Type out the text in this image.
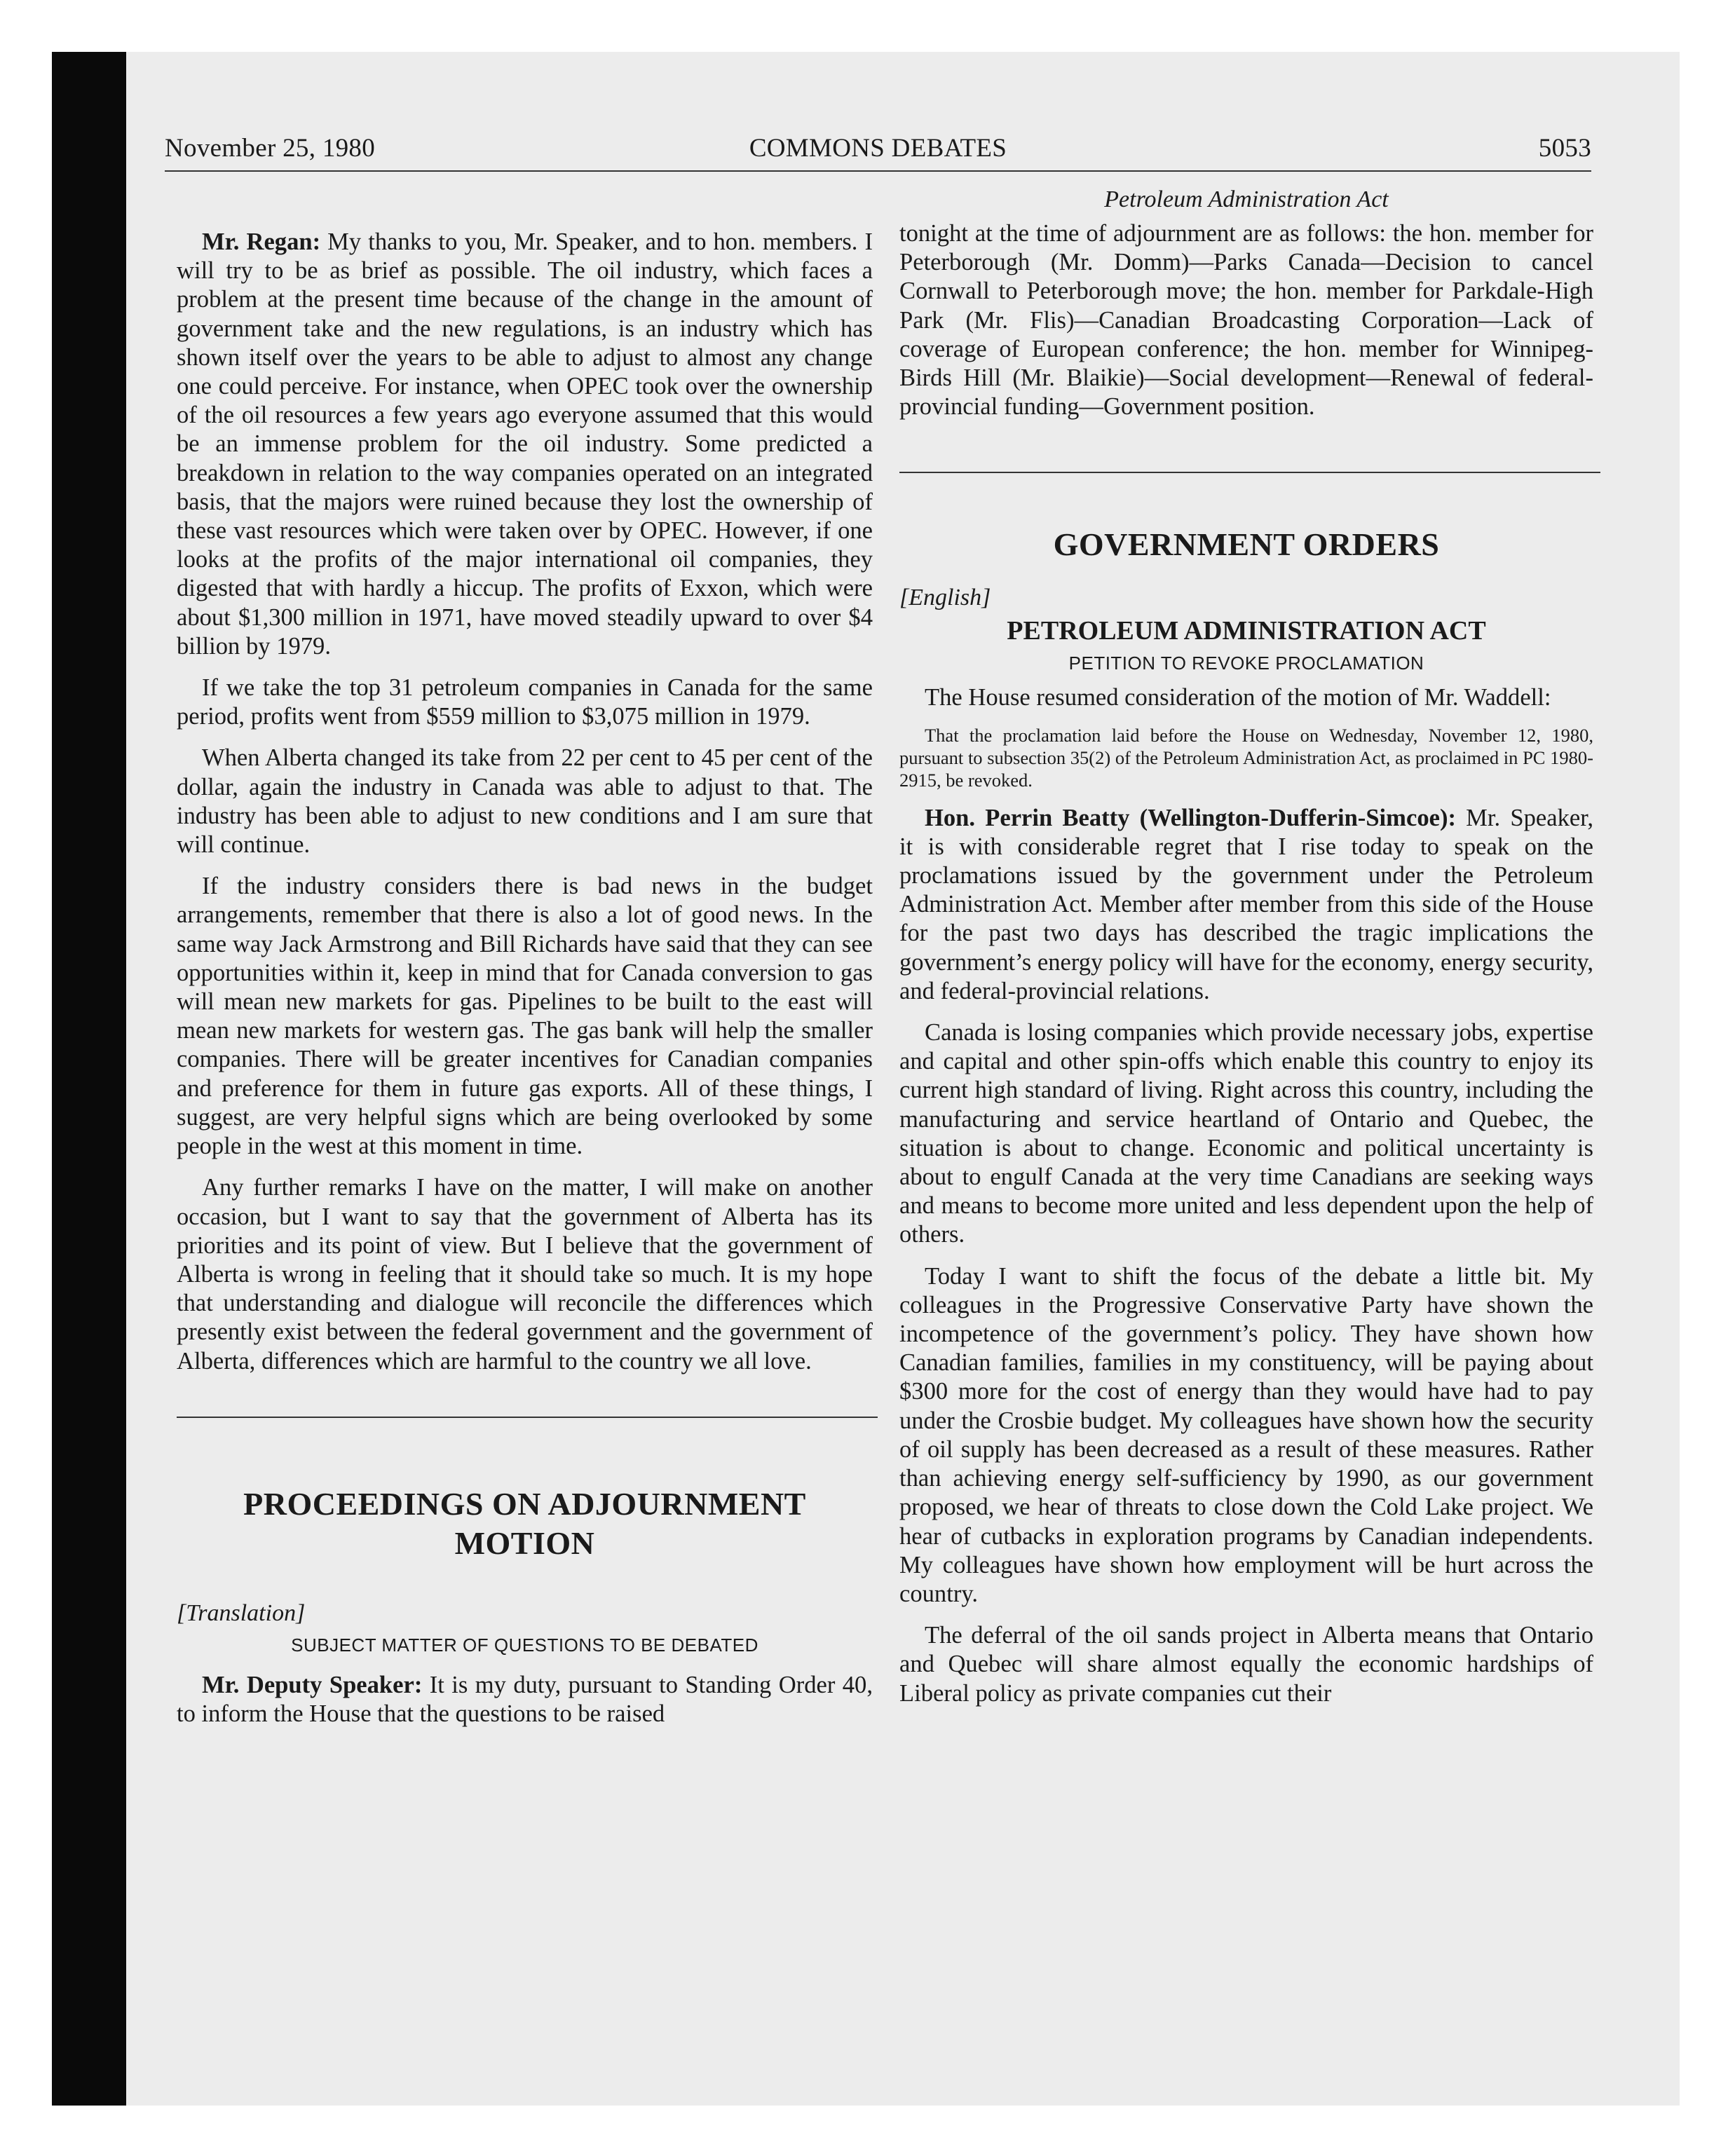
November 25, 1980	COMMONS DEBATES	5053

Mr. Regan: My thanks to you, Mr. Speaker, and to hon. members. I will try to be as brief as possible. The oil industry, which faces a problem at the present time because of the change in the amount of government take and the new regulations, is an industry which has shown itself over the years to be able to adjust to almost any change one could perceive. For instance, when OPEC took over the ownership of the oil resources a few years ago everyone assumed that this would be an immense problem for the oil industry. Some predicted a breakdown in relation to the way companies operated on an integrated basis, that the majors were ruined because they lost the ownership of these vast resources which were taken over by OPEC. However, if one looks at the profits of the major international oil companies, they digested that with hardly a hiccup. The profits of Exxon, which were about $1,300 million in 1971, have moved steadily upward to over $4 billion by 1979.

If we take the top 31 petroleum companies in Canada for the same period, profits went from $559 million to $3,075 million in 1979.

When Alberta changed its take from 22 per cent to 45 per cent of the dollar, again the industry in Canada was able to adjust to that. The industry has been able to adjust to new conditions and I am sure that will continue.

If the industry considers there is bad news in the budget arrangements, remember that there is also a lot of good news. In the same way Jack Armstrong and Bill Richards have said that they can see opportunities within it, keep in mind that for Canada conversion to gas will mean new markets for gas. Pipelines to be built to the east will mean new markets for western gas. The gas bank will help the smaller companies. There will be greater incentives for Canadian companies and preference for them in future gas exports. All of these things, I suggest, are very helpful signs which are being overlooked by some people in the west at this moment in time.

Any further remarks I have on the matter, I will make on another occasion, but I want to say that the government of Alberta has its priorities and its point of view. But I believe that the government of Alberta is wrong in feeling that it should take so much. It is my hope that understanding and dialogue will reconcile the differences which presently exist between the federal government and the government of Alberta, differences which are harmful to the country we all love.

PROCEEDINGS ON ADJOURNMENT
MOTION
[Translation]
SUBJECT MATTER OF QUESTIONS TO BE DEBATED

Mr. Deputy Speaker: It is my duty, pursuant to Standing Order 40, to inform the House that the questions to be raised

Petroleum Administration Act

tonight at the time of adjournment are as follows: the hon. member for Peterborough (Mr. Domm)—Parks Canada—Decision to cancel Cornwall to Peterborough move; the hon. member for Parkdale-High Park (Mr. Flis)—Canadian Broadcasting Corporation—Lack of coverage of European conference; the hon. member for Winnipeg-Birds Hill (Mr. Blaikie)—Social development—Renewal of federal-provincial funding—Government position.

GOVERNMENT ORDERS
[English]
PETROLEUM ADMINISTRATION ACT
PETITION TO REVOKE PROCLAMATION

The House resumed consideration of the motion of Mr. Waddell:

That the proclamation laid before the House on Wednesday, November 12, 1980, pursuant to subsection 35(2) of the Petroleum Administration Act, as proclaimed in PC 1980-2915, be revoked.

Hon. Perrin Beatty (Wellington-Dufferin-Simcoe): Mr. Speaker, it is with considerable regret that I rise today to speak on the proclamations issued by the government under the Petroleum Administration Act. Member after member from this side of the House for the past two days has described the tragic implications the government’s energy policy will have for the economy, energy security, and federal-provincial relations.

Canada is losing companies which provide necessary jobs, expertise and capital and other spin-offs which enable this country to enjoy its current high standard of living. Right across this country, including the manufacturing and service heartland of Ontario and Quebec, the situation is about to change. Economic and political uncertainty is about to engulf Canada at the very time Canadians are seeking ways and means to become more united and less dependent upon the help of others.

Today I want to shift the focus of the debate a little bit. My colleagues in the Progressive Conservative Party have shown the incompetence of the government’s policy. They have shown how Canadian families, families in my constituency, will be paying about $300 more for the cost of energy than they would have had to pay under the Crosbie budget. My colleagues have shown how the security of oil supply has been decreased as a result of these measures. Rather than achieving energy self-sufficiency by 1990, as our government proposed, we hear of threats to close down the Cold Lake project. We hear of cutbacks in exploration programs by Canadian independents. My colleagues have shown how employment will be hurt across the country.

The deferral of the oil sands project in Alberta means that Ontario and Quebec will share almost equally the economic hardships of Liberal policy as private companies cut their
